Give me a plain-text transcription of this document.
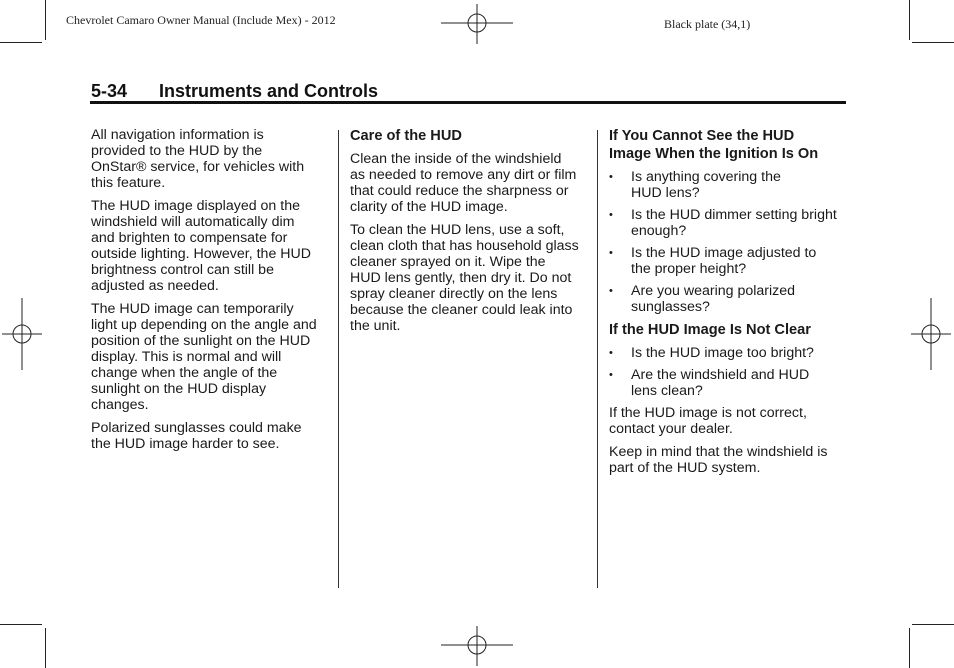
Chevrolet Camaro Owner Manual (Include Mex) - 2012	Black plate (34,1)
5-34 Instruments and Controls

All navigation information is
provided to the HUD by the
OnStar® service, for vehicles with
this feature.

The HUD image displayed on the
windshield will automatically dim
and brighten to compensate for
outside lighting. However, the HUD
brightness control can still be
adjusted as needed.

The HUD image can temporarily
light up depending on the angle and
position of the sunlight on the HUD
display. This is normal and will
change when the angle of the
sunlight on the HUD display
changes.

Polarized sunglasses could make
the HUD image harder to see.

Care of the HUD

Clean the inside of the windshield
as needed to remove any dirt or film
that could reduce the sharpness or
clarity of the HUD image.

To clean the HUD lens, use a soft,
clean cloth that has household glass
cleaner sprayed on it. Wipe the
HUD lens gently, then dry it. Do not
spray cleaner directly on the lens
because the cleaner could leak into
the unit.

If You Cannot See the HUD
Image When the Ignition Is On
• Is anything covering the
HUD lens?
• Is the HUD dimmer setting bright
enough?
• Is the HUD image adjusted to
the proper height?
• Are you wearing polarized
sunglasses?
If the HUD Image Is Not Clear
• Is the HUD image too bright?
• Are the windshield and HUD
lens clean?

If the HUD image is not correct,
contact your dealer.

Keep in mind that the windshield is
part of the HUD system.
